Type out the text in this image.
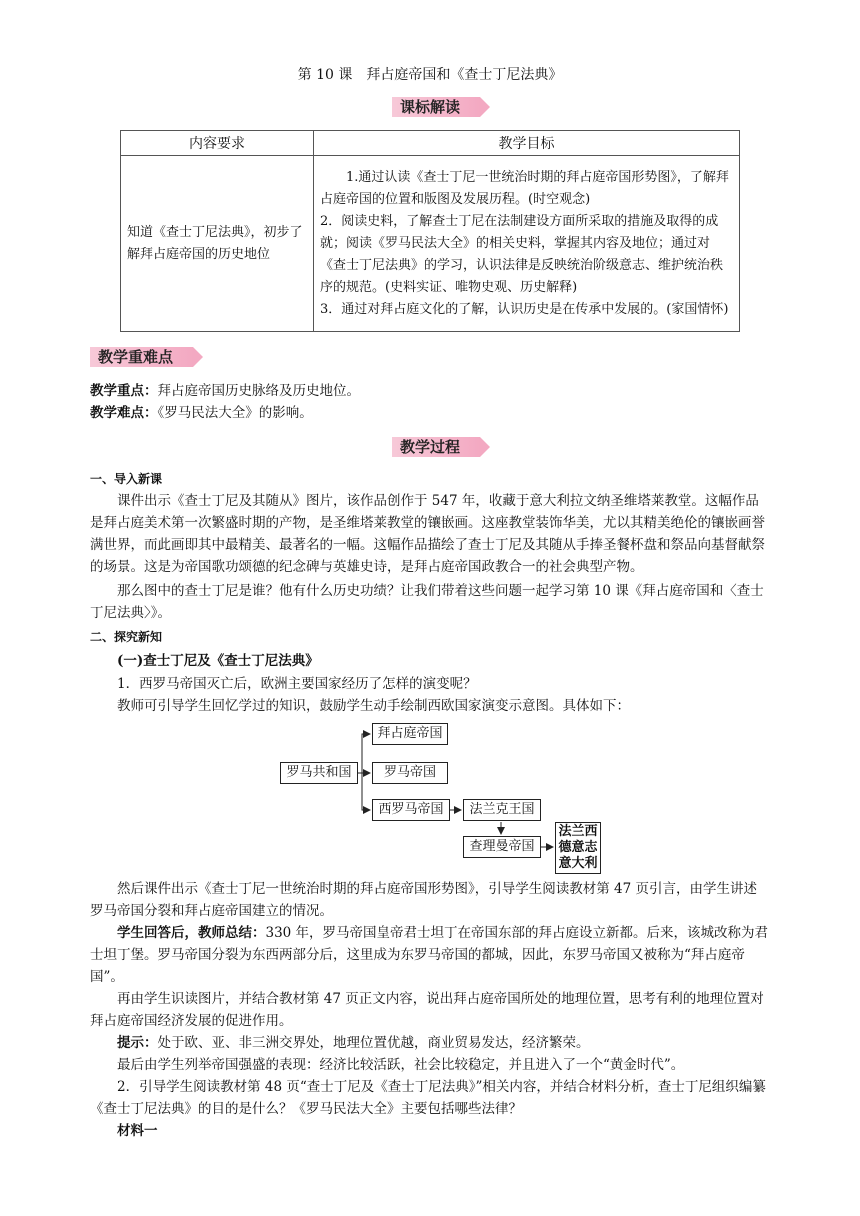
第 10 课　拜占庭帝国和《查士丁尼法典》
课标解读
内容要求	教学目标
知道《查士丁尼法典》，初步了解拜占庭帝国的历史地位	　　1.通过认读《查士丁尼一世统治时期的拜占庭帝国形势图》，了解拜占庭帝国的位置和版图及发展历程。(时空观念)
2．阅读史料，了解查士丁尼在法制建设方面所采取的措施及取得的成就；阅读《罗马民法大全》的相关史料，掌握其内容及地位；通过对《查士丁尼法典》的学习，认识法律是反映统治阶级意志、维护统治秩序的规范。(史料实证、唯物史观、历史解释)
3．通过对拜占庭文化的了解，认识历史是在传承中发展的。(家国情怀)
教学重难点
教学重点：拜占庭帝国历史脉络及历史地位。
教学难点：《罗马民法大全》的影响。
教学过程
一、导入新课
课件出示《查士丁尼及其随从》图片，该作品创作于 547 年，收藏于意大利拉文纳圣维塔莱教堂。这幅作品是拜占庭美术第一次繁盛时期的产物，是圣维塔莱教堂的镶嵌画。这座教堂装饰华美，尤以其精美绝伦的镶嵌画誉满世界，而此画即其中最精美、最著名的一幅。这幅作品描绘了查士丁尼及其随从手捧圣餐杯盘和祭品向基督献祭的场景。这是为帝国歌功颂德的纪念碑与英雄史诗，是拜占庭帝国政教合一的社会典型产物。
那么图中的查士丁尼是谁？他有什么历史功绩？让我们带着这些问题一起学习第 10 课《拜占庭帝国和〈查士丁尼法典〉》。
二、探究新知
(一)查士丁尼及《查士丁尼法典》
1．西罗马帝国灭亡后，欧洲主要国家经历了怎样的演变呢？
教师可引导学生回忆学过的知识，鼓励学生动手绘制西欧国家演变示意图。具体如下：
拜占庭帝国
罗马共和国	罗马帝国
西罗马帝国	法兰克王国
查理曼帝国
法兰西
德意志
意大利
然后课件出示《查士丁尼一世统治时期的拜占庭帝国形势图》，引导学生阅读教材第 47 页引言，由学生讲述罗马帝国分裂和拜占庭帝国建立的情况。
学生回答后，教师总结：330 年，罗马帝国皇帝君士坦丁在帝国东部的拜占庭设立新都。后来，该城改称为君士坦丁堡。罗马帝国分裂为东西两部分后，这里成为东罗马帝国的都城，因此，东罗马帝国又被称为“拜占庭帝国”。
再由学生识读图片，并结合教材第 47 页正文内容，说出拜占庭帝国所处的地理位置，思考有利的地理位置对拜占庭帝国经济发展的促进作用。
提示：处于欧、亚、非三洲交界处，地理位置优越，商业贸易发达，经济繁荣。
最后由学生列举帝国强盛的表现：经济比较活跃，社会比较稳定，并且进入了一个“黄金时代”。
2．引导学生阅读教材第 48 页“查士丁尼及《查士丁尼法典》”相关内容，并结合材料分析，查士丁尼组织编纂《查士丁尼法典》的目的是什么？《罗马民法大全》主要包括哪些法律？
材料一
